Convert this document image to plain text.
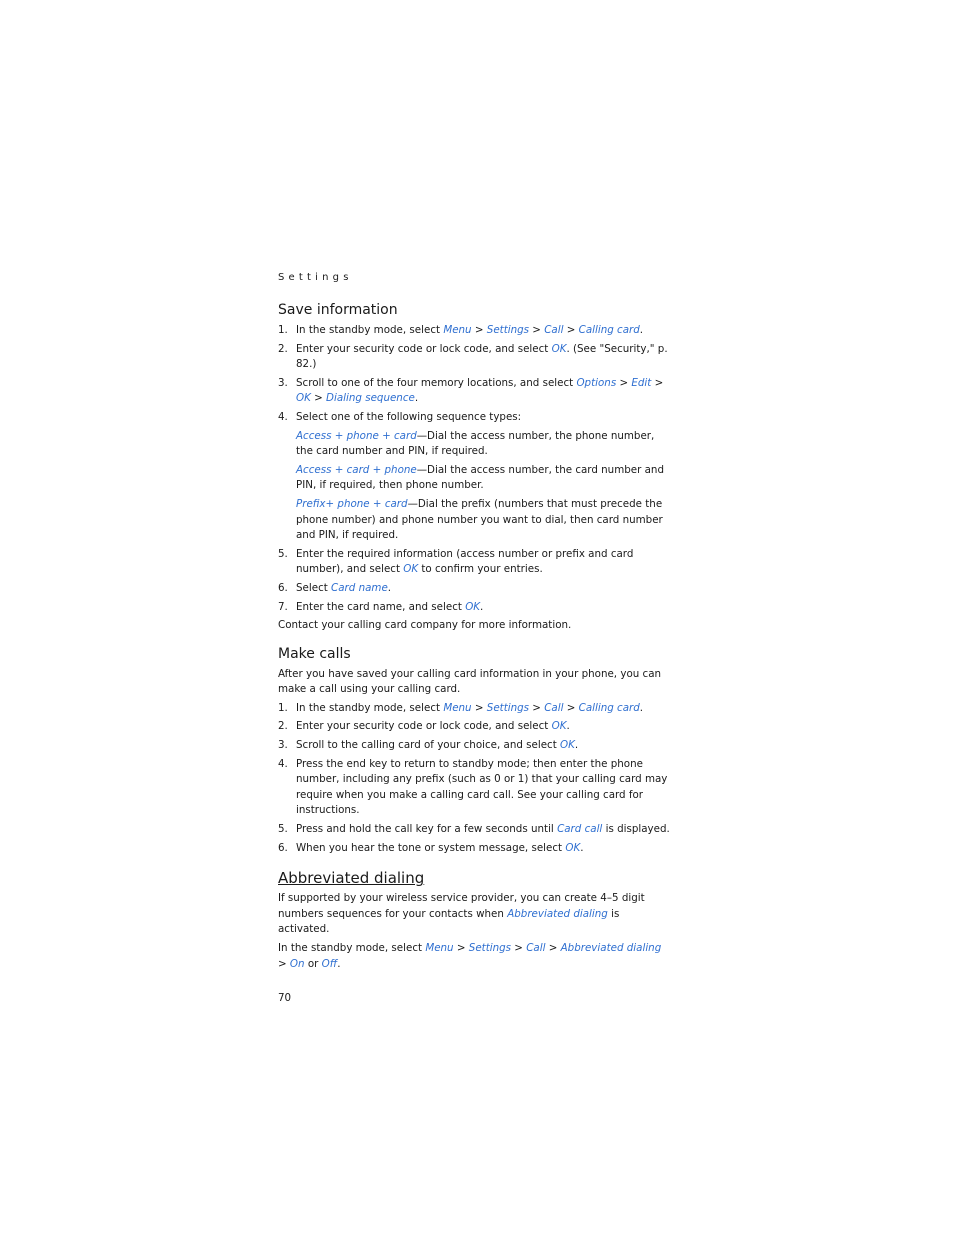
Settings
Save information
1. In the standby mode, select Menu > Settings > Call > Calling card.
2. Enter your security code or lock code, and select OK. (See "Security," p. 82.)
3. Scroll to one of the four memory locations, and select Options > Edit > OK > Dialing sequence.
4. Select one of the following sequence types:

Access + phone + card—Dial the access number, the phone number, the card number and PIN, if required.

Access + card + phone—Dial the access number, the card number and PIN, if required, then phone number.

Prefix+ phone + card—Dial the prefix (numbers that must precede the phone number) and phone number you want to dial, then card number and PIN, if required.

5. Enter the required information (access number or prefix and card number), and select OK to confirm your entries.
6. Select Card name.
7. Enter the card name, and select OK.

Contact your calling card company for more information.

Make calls

After you have saved your calling card information in your phone, you can make a call using your calling card.

1. In the standby mode, select Menu > Settings > Call > Calling card.
2. Enter your security code or lock code, and select OK.
3. Scroll to the calling card of your choice, and select OK.
4. Press the end key to return to standby mode; then enter the phone number, including any prefix (such as 0 or 1) that your calling card may require when you make a calling card call. See your calling card for instructions.
5. Press and hold the call key for a few seconds until Card call is displayed.
6. When you hear the tone or system message, select OK.
Abbreviated dialing

If supported by your wireless service provider, you can create 4–5 digit numbers sequences for your contacts when Abbreviated dialing is activated.

In the standby mode, select Menu > Settings > Call > Abbreviated dialing > On or Off.

70
